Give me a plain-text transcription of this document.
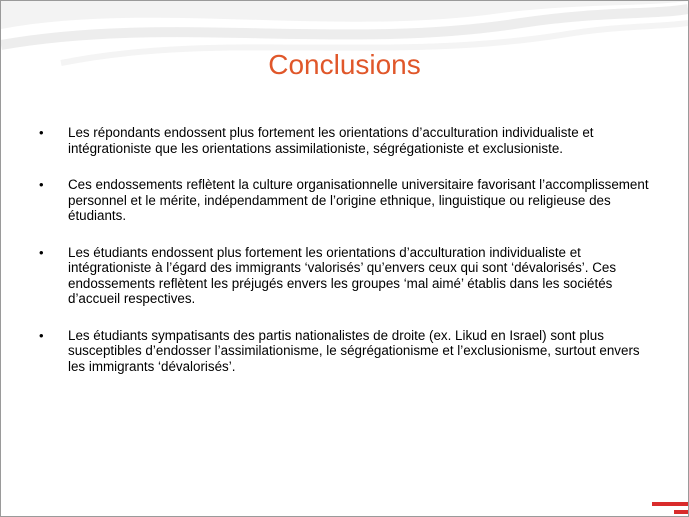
Conclusions
• Les répondants endossent plus fortement les orientations d’acculturation individualiste et intégrationiste que les orientations assimilationiste, ségrégationiste et exclusioniste.
• Ces endossements reflètent la culture organisationnelle universitaire favorisant l’accomplissement personnel et le mérite, indépendamment de l’origine ethnique, linguistique ou religieuse des étudiants.
• Les étudiants endossent plus fortement les orientations d’acculturation individualiste et intégrationiste à l’égard des immigrants ‘valorisés’ qu’envers ceux qui sont ‘dévalorisés’. Ces endossements reflètent les préjugés envers les groupes ‘mal aimé’ établis dans les sociétés d’accueil respectives.
• Les étudiants sympatisants des partis nationalistes de droite (ex. Likud en Israel) sont plus susceptibles d’endosser l’assimilationisme, le ségrégationisme et l’exclusionisme, surtout envers les immigrants ‘dévalorisés’.
